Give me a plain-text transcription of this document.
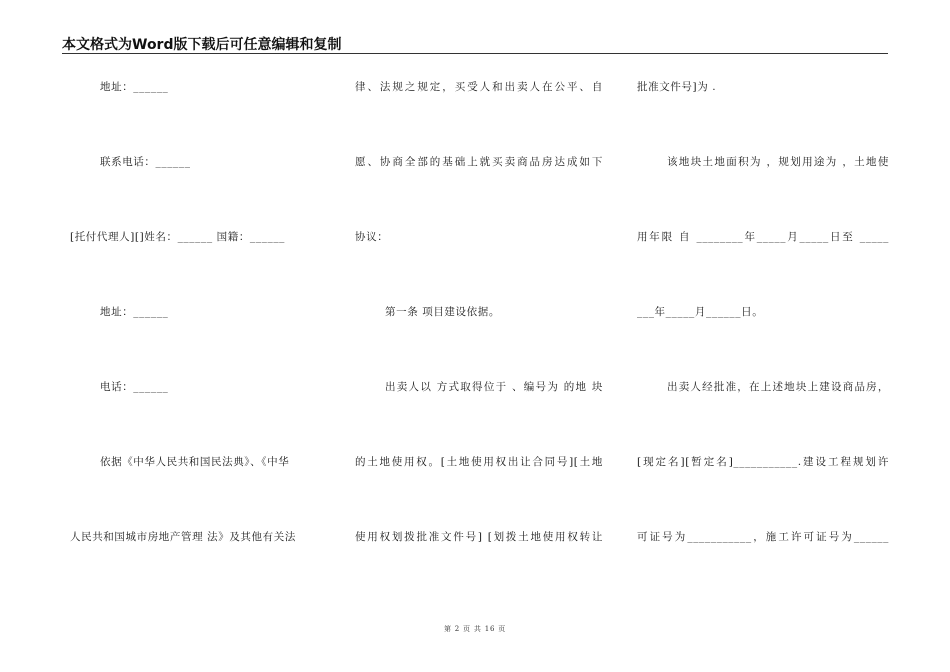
本文格式为Word版下载后可任意编辑和复制
地址：______
联系电话：______
[托付代理人][]姓名：______ 国籍：______
地址：______
电话：______
依据《中华人民共和国民法典》、《中华
人民共和国城市房地产管理 法》及其他有关法
律、法规之规定，买受人和出卖人在公平、自
愿、协商全部的基础上就买卖商品房达成如下
协议：
第一条 项目建设依据。
出卖人以 方式取得位于 、编号为 的地 块
的土地使用权。[土地使用权出让合同号][土地
使用权划拨批准文件号] [划拨土地使用权转让
批准文件号]为 .
该地块土地面积为 ，规划用途为 ，土地使
用年限 自 ________年_____月_____日至 _____
___年_____月______日。
出卖人经批准，在上述地块上建设商品房，
[现定名][暂定名]___________.建设工程规划许
可证号为___________，施工许可证号为______
第 2 页 共 16 页
